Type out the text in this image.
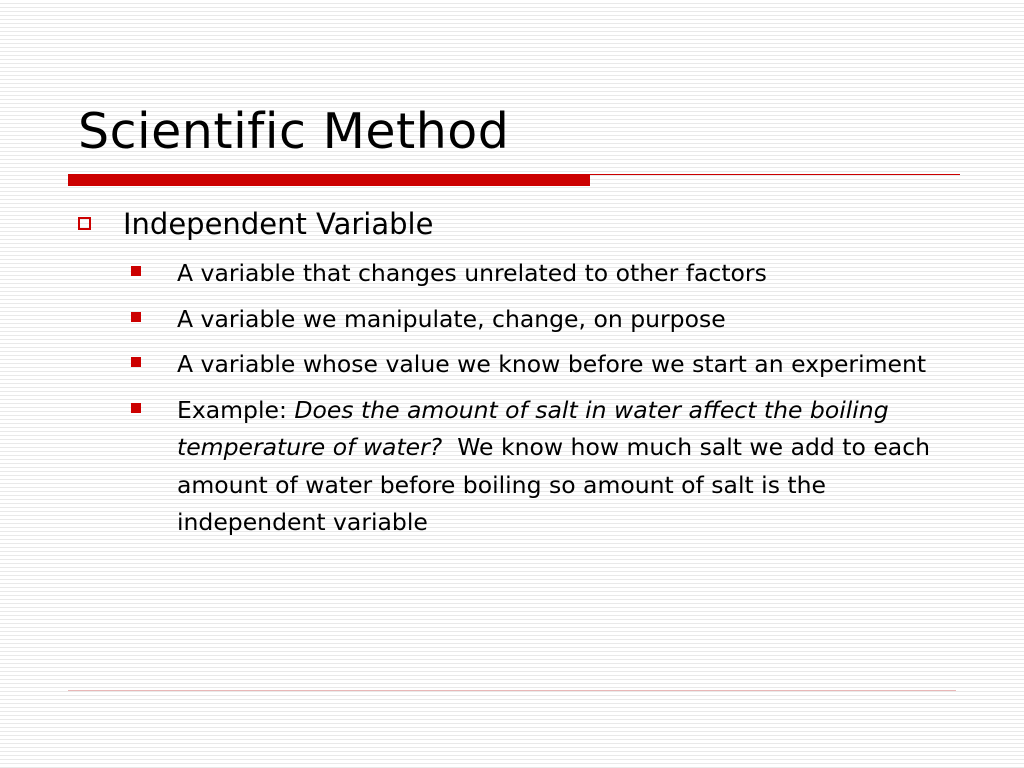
Scientific Method
Independent Variable
A variable that changes unrelated to other factors
A variable we manipulate, change, on purpose
A variable whose value we know before we start an experiment
Example: Does the amount of salt in water affect the boiling temperature of water?  We know how much salt we add to each amount of water before boiling so amount of salt is the independent variable
